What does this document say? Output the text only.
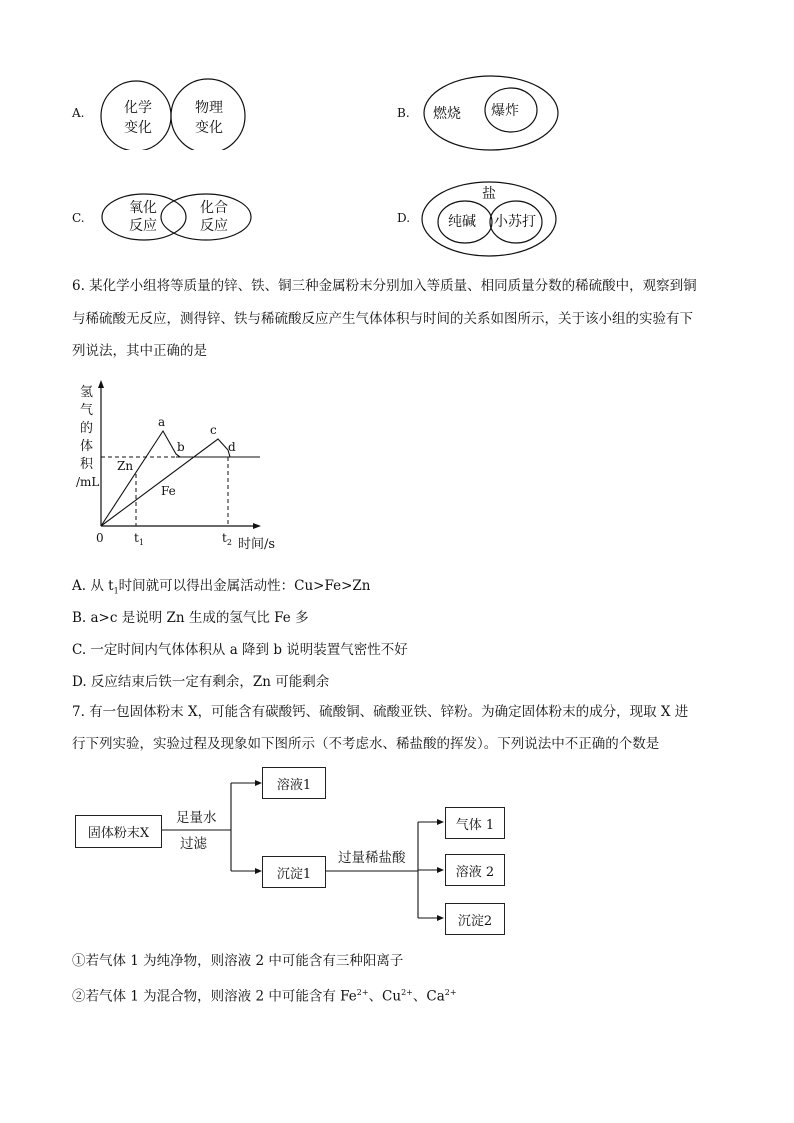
A.	化学变化
物理变化
B. 燃烧 爆炸
C.
氧化反应
化合反应	D.
盐
纯碱 小苏打
6. 某化学小组将等质量的锌、铁、铜三种金属粉末分别加入等质量、相同质量分数的稀硫酸中，观察到铜
与稀硫酸无反应，测得锌、铁与稀硫酸反应产生气体体积与时间的关系如图所示，关于该小组的实验有下
列说法，其中正确的是
氢
气
的
体
积
/mL
a
b
c
d
Zn
Fe
0	$t_1$	$t_2$ 时间/s
A. 从 $t_1$时间就可以得出金属活动性：Cu>Fe>Zn
B. a>c 是说明 Zn 生成的氢气比 Fe 多
C. 一定时间内气体体积从 a 降到 b 说明装置气密性不好
D. 反应结束后铁一定有剩余，Zn 可能剩余
7. 有一包固体粉末 X，可能含有碳酸钙、硫酸铜、硫酸亚铁、锌粉。为确定固体粉末的成分，现取 X 进
行下列实验，实验过程及现象如下图所示（不考虑水、稀盐酸的挥发）。下列说法中不正确的个数是
固体粉末X
足量水
过滤
溶液1
沉淀1
过量稀盐酸
气体 1
溶液 2
沉淀2
①若气体 1 为纯净物，则溶液 2 中可能含有三种阳离子
②若气体 1 为混合物，则溶液 2 中可能含有 $Fe^{2+}$、$Cu^{2+}$、$Ca^{2+}$
